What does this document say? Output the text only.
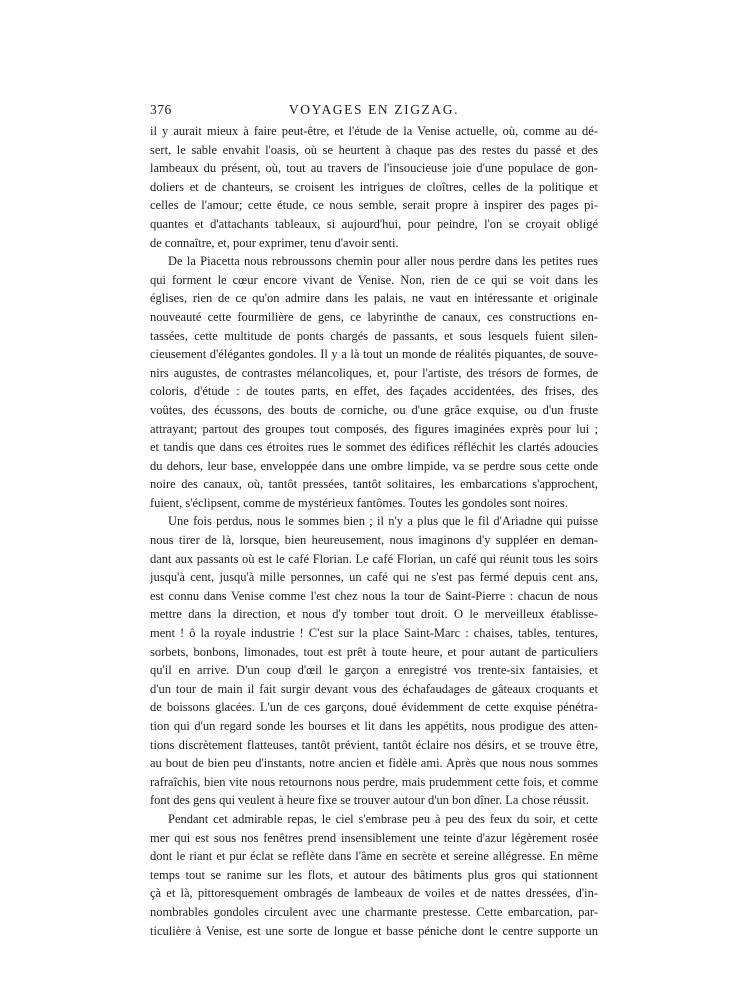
376	VOYAGES EN ZIGZAG.
il y aurait mieux à faire peut-être, et l'étude de la Venise actuelle, où, comme au dé-
sert, le sable envahit l'oasis, où se heurtent à chaque pas des restes du passé et des
lambeaux du présent, où, tout au travers de l'insoucieuse joie d'une populace de gon-
doliers et de chanteurs, se croisent les intrigues de cloîtres, celles de la politique et
celles de l'amour; cette étude, ce nous semble, serait propre à inspirer des pages pi-
quantes et d'attachants tableaux, si aujourd'hui, pour peindre, l'on se croyait obligé
de connaître, et, pour exprimer, tenu d'avoir senti.
De la Piacetta nous rebroussons chemin pour aller nous perdre dans les petites rues
qui forment le cœur encore vivant de Venise. Non, rien de ce qui se voit dans les
églises, rien de ce qu'on admire dans les palais, ne vaut en intéressante et originale
nouveauté cette fourmilière de gens, ce labyrinthe de canaux, ces constructions en-
tassées, cette multitude de ponts chargés de passants, et sous lesquels fuient silen-
cieusement d'élégantes gondoles. Il y a là tout un monde de réalités piquantes, de souve-
nirs augustes, de contrastes mélancoliques, et, pour l'artiste, des trésors de formes, de
coloris, d'étude : de toutes parts, en effet, des façades accidentées, des frises, des
voûtes, des écussons, des bouts de corniche, ou d'une grâce exquise, ou d'un fruste
attrayant; partout des groupes tout composés, des figures imaginées exprès pour lui ;
et tandis que dans ces étroites rues le sommet des édifices réfléchit les clartés adoucies
du dehors, leur base, enveloppée dans une ombre limpide, va se perdre sous cette onde
noire des canaux, où, tantôt pressées, tantôt solitaires, les embarcations s'approchent,
fuient, s'éclipsent, comme de mystérieux fantômes. Toutes les gondoles sont noires.
Une fois perdus, nous le sommes bien ; il n'y a plus que le fil d'Ariadne qui puisse
nous tirer de là, lorsque, bien heureusement, nous imaginons d'y suppléer en deman-
dant aux passants où est le café Florian. Le café Florian, un café qui réunit tous les soirs
jusqu'à cent, jusqu'à mille personnes, un café qui ne s'est pas fermé depuis cent ans,
est connu dans Venise comme l'est chez nous la tour de Saint-Pierre : chacun de nous
mettre dans la direction, et nous d'y tomber tout droit. O le merveilleux établisse-
ment ! ô la royale industrie ! C'est sur la place Saint-Marc : chaises, tables, tentures,
sorbets, bonbons, limonades, tout est prêt à toute heure, et pour autant de particuliers
qu'il en arrive. D'un coup d'œil le garçon a enregistré vos trente-six fantaisies, et
d'un tour de main il fait surgir devant vous des échafaudages de gâteaux croquants et
de boissons glacées. L'un de ces garçons, doué évidemment de cette exquise pénétra-
tion qui d'un regard sonde les bourses et lit dans les appétits, nous prodigue des atten-
tions discrètement flatteuses, tantôt prévient, tantôt éclaire nos désirs, et se trouve être,
au bout de bien peu d'instants, notre ancien et fidèle ami. Après que nous nous sommes
rafraîchis, bien vite nous retournons nous perdre, mais prudemment cette fois, et comme
font des gens qui veulent à heure fixe se trouver autour d'un bon dîner. La chose réussit.
Pendant cet admirable repas, le ciel s'embrase peu à peu des feux du soir, et cette
mer qui est sous nos fenêtres prend insensiblement une teinte d'azur légèrement rosée
dont le riant et pur éclat se reflète dans l'âme en secrète et sereine allégresse. En même
temps tout se ranime sur les flots, et autour des bâtiments plus gros qui stationnent
çà et là, pittoresquement ombragés de lambeaux de voiles et de nattes dressées, d'in-
nombrables gondoles circulent avec une charmante prestesse. Cette embarcation, par-
ticulière à Venise, est une sorte de longue et basse péniche dont le centre supporte un
